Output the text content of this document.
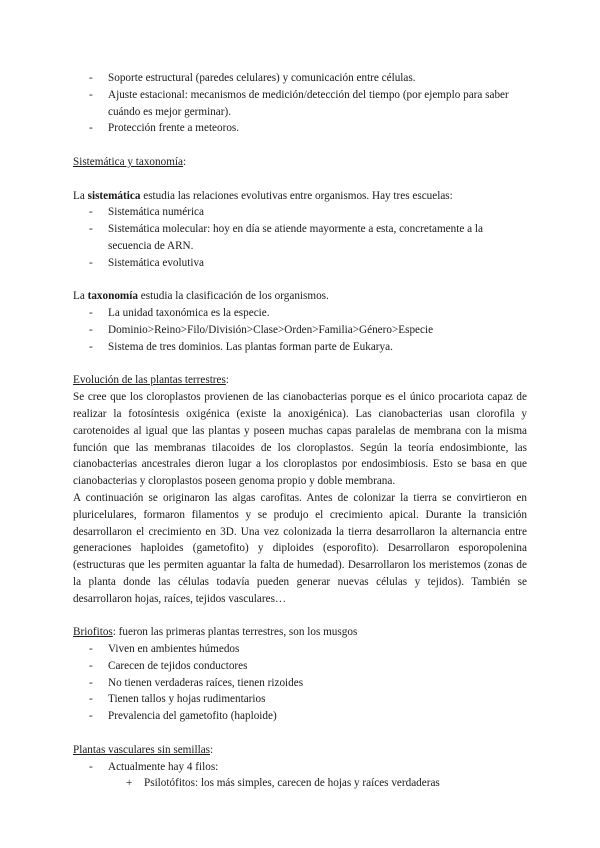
- Soporte estructural (paredes celulares) y comunicación entre células.
- Ajuste estacional: mecanismos de medición/detección del tiempo (por ejemplo para saber cuándo es mejor germinar).
- Protección frente a meteoros.

Sistemática y taxonomía:

La sistemática estudia las relaciones evolutivas entre organismos. Hay tres escuelas:

- Sistemática numérica
- Sistemática molecular: hoy en día se atiende mayormente a esta, concretamente a la secuencia de ARN.
- Sistemática evolutiva

La taxonomía estudia la clasificación de los organismos.

- La unidad taxonómica es la especie.
- Dominio>Reino>Filo/División>Clase>Orden>Familia>Género>Especie
- Sistema de tres dominios. Las plantas forman parte de Eukarya.

Evolución de las plantas terrestres:

Se cree que los cloroplastos provienen de las cianobacterias porque es el único procariota capaz de realizar la fotosíntesis oxigénica (existe la anoxigénica). Las cianobacterias usan clorofila y carotenoides al igual que las plantas y poseen muchas capas paralelas de membrana con la misma función que las membranas tilacoides de los cloroplastos. Según la teoría endosimbionte, las cianobacterias ancestrales dieron lugar a los cloroplastos por endosimbiosis. Esto se basa en que cianobacterias y cloroplastos poseen genoma propio y doble membrana.

A continuación se originaron las algas carofitas. Antes de colonizar la tierra se convirtieron en pluricelulares, formaron filamentos y se produjo el crecimiento apical. Durante la transición desarrollaron el crecimiento en 3D. Una vez colonizada la tierra desarrollaron la alternancia entre generaciones haploides (gametofito) y diploides (esporofito). Desarrollaron esporopolenina (estructuras que les permiten aguantar la falta de humedad). Desarrollaron los meristemos (zonas de la planta donde las células todavía pueden generar nuevas células y tejidos). También se desarrollaron hojas, raíces, tejidos vasculares…

Briofitos: fueron las primeras plantas terrestres, son los musgos

- Viven en ambientes húmedos
- Carecen de tejidos conductores
- No tienen verdaderas raíces, tienen rizoides
- Tienen tallos y hojas rudimentarios
- Prevalencia del gametofito (haploide)

Plantas vasculares sin semillas:

- Actualmente hay 4 filos:
+ Psilotófitos: los más simples, carecen de hojas y raíces verdaderas
